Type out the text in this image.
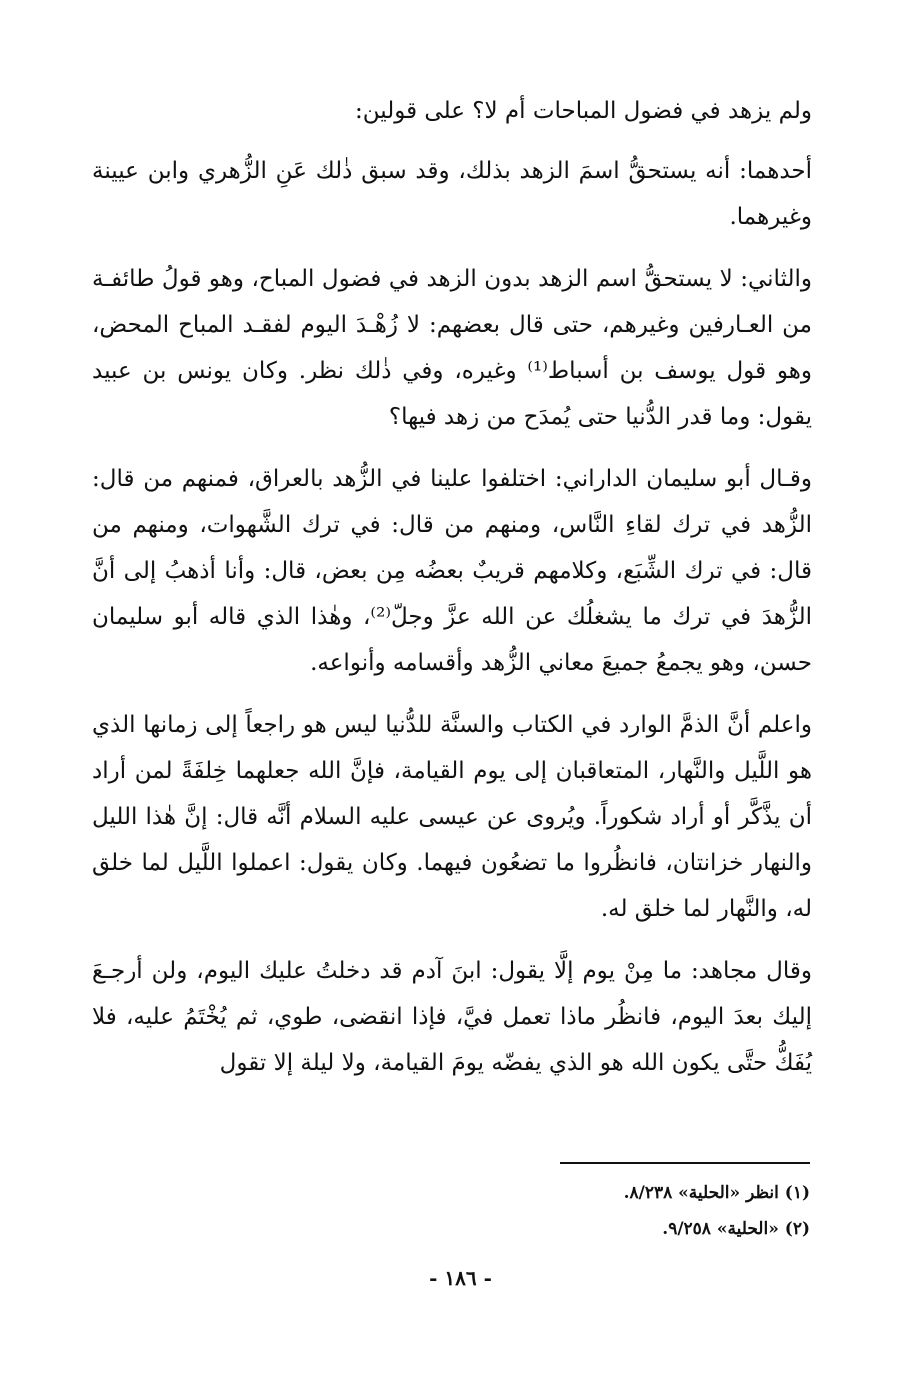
ولم يزهد في فضول المباحات أم لا؟ على قولين:

أحدهما: أنه يستحقُّ اسمَ الزهد بذلك، وقد سبق ذٰلك عَنِ الزُّهري وابن عيينة وغيرهما.

والثاني: لا يستحقُّ اسم الزهد بدون الزهد في فضول المباح، وهو قولُ طائفـة من العـارفين وغيرهم، حتى قال بعضهم: لا زُهْـدَ اليوم لفقـد المباح المحض، وهو قول يوسف بن أسباط⁽¹⁾ وغيره، وفي ذٰلك نظر. وكان يونس بن عبيد يقول: وما قدر الدُّنيا حتى يُمدَح من زهد فيها؟

وقـال أبو سليمان الداراني: اختلفوا علينا في الزُّهد بالعراق، فمنهم من قال: الزُّهد في ترك لقاءِ النَّاس، ومنهم من قال: في ترك الشَّهوات، ومنهم من قال: في ترك الشِّبَع، وكلامهم قريبٌ بعضُه مِن بعض، قال: وأنا أذهبُ إلى أنَّ الزُّهدَ في ترك ما يشغلُك عن الله عزَّ وجلّ⁽²⁾، وهٰذا الذي قاله أبو سليمان حسن، وهو يجمعُ جميعَ معاني الزُّهد وأقسامه وأنواعه.

واعلم أنَّ الذمَّ الوارد في الكتاب والسنَّة للدُّنيا ليس هو راجعاً إلى زمانها الذي هو اللَّيل والنَّهار، المتعاقبان إلى يوم القيامة، فإنَّ الله جعلهما خِلفَةً لمن أراد أن يذَّكَّر أو أراد شكوراً. ويُروى عن عيسى عليه السلام أنَّه قال: إنَّ هٰذا الليل والنهار خزانتان، فانظُروا ما تضعُون فيهما. وكان يقول: اعملوا اللَّيل لما خلق له، والنَّهار لما خلق له.

وقال مجاهد: ما مِنْ يوم إلَّا يقول: ابنَ آدم قد دخلتُ عليك اليوم، ولن أرجـعَ إليك بعدَ اليوم، فانظُر ماذا تعمل فيَّ، فإذا انقضى، طوي، ثم يُخْتَمُ عليه، فلا يُفَكُّ حتَّى يكون الله هو الذي يفضّه يومَ القيامة، ولا ليلة إلا تقول

(١) انظر «الحلية» ٨/٢٣٨.
(٢) «الحلية» ٩/٢٥٨.
- ١٨٦ -
